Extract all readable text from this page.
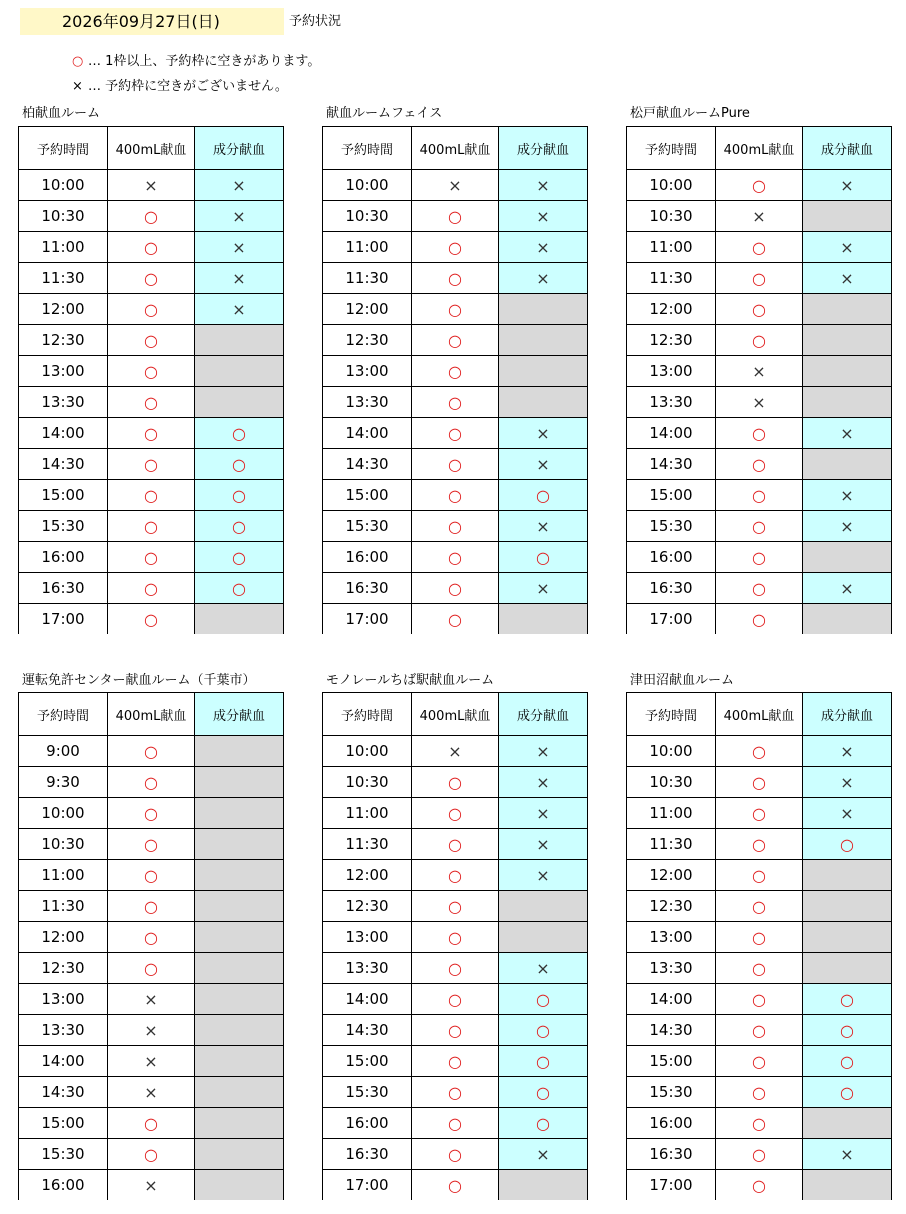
2026年09月27日(日)	予約状況
○ … 1枠以上、予約枠に空きがあります。
× … 予約枠に空きがございません。
柏献血ルーム
予約時間	400mL献血	成分献血
10:00	×	×
10:30	○	×
11:00	○	×
11:30	○	×
12:00	○	×
12:30	○	
13:00	○	
13:30	○	
14:00	○	○
14:30	○	○
15:00	○	○
15:30	○	○
16:00	○	○
16:30	○	○
17:00	○	
献血ルームフェイス
予約時間	400mL献血	成分献血
10:00	×	×
10:30	○	×
11:00	○	×
11:30	○	×
12:00	○	
12:30	○	
13:00	○	
13:30	○	
14:00	○	×
14:30	○	×
15:00	○	○
15:30	○	×
16:00	○	○
16:30	○	×
17:00	○	
松戸献血ルームPure
予約時間	400mL献血	成分献血
10:00	○	×
10:30	×	
11:00	○	×
11:30	○	×
12:00	○	
12:30	○	
13:00	×	
13:30	×	
14:00	○	×
14:30	○	
15:00	○	×
15:30	○	×
16:00	○	
16:30	○	×
17:00	○	
運転免許センター献血ルーム（千葉市）
予約時間	400mL献血	成分献血
9:00	○	
9:30	○	
10:00	○	
10:30	○	
11:00	○	
11:30	○	
12:00	○	
12:30	○	
13:00	×	
13:30	×	
14:00	×	
14:30	×	
15:00	○	
15:30	○	
16:00	×	
モノレールちば駅献血ルーム
予約時間	400mL献血	成分献血
10:00	×	×
10:30	○	×
11:00	○	×
11:30	○	×
12:00	○	×
12:30	○	
13:00	○	
13:30	○	×
14:00	○	○
14:30	○	○
15:00	○	○
15:30	○	○
16:00	○	○
16:30	○	×
17:00	○	
津田沼献血ルーム
予約時間	400mL献血	成分献血
10:00	○	×
10:30	○	×
11:00	○	×
11:30	○	○
12:00	○	
12:30	○	
13:00	○	
13:30	○	
14:00	○	○
14:30	○	○
15:00	○	○
15:30	○	○
16:00	○	
16:30	○	×
17:00	○	
